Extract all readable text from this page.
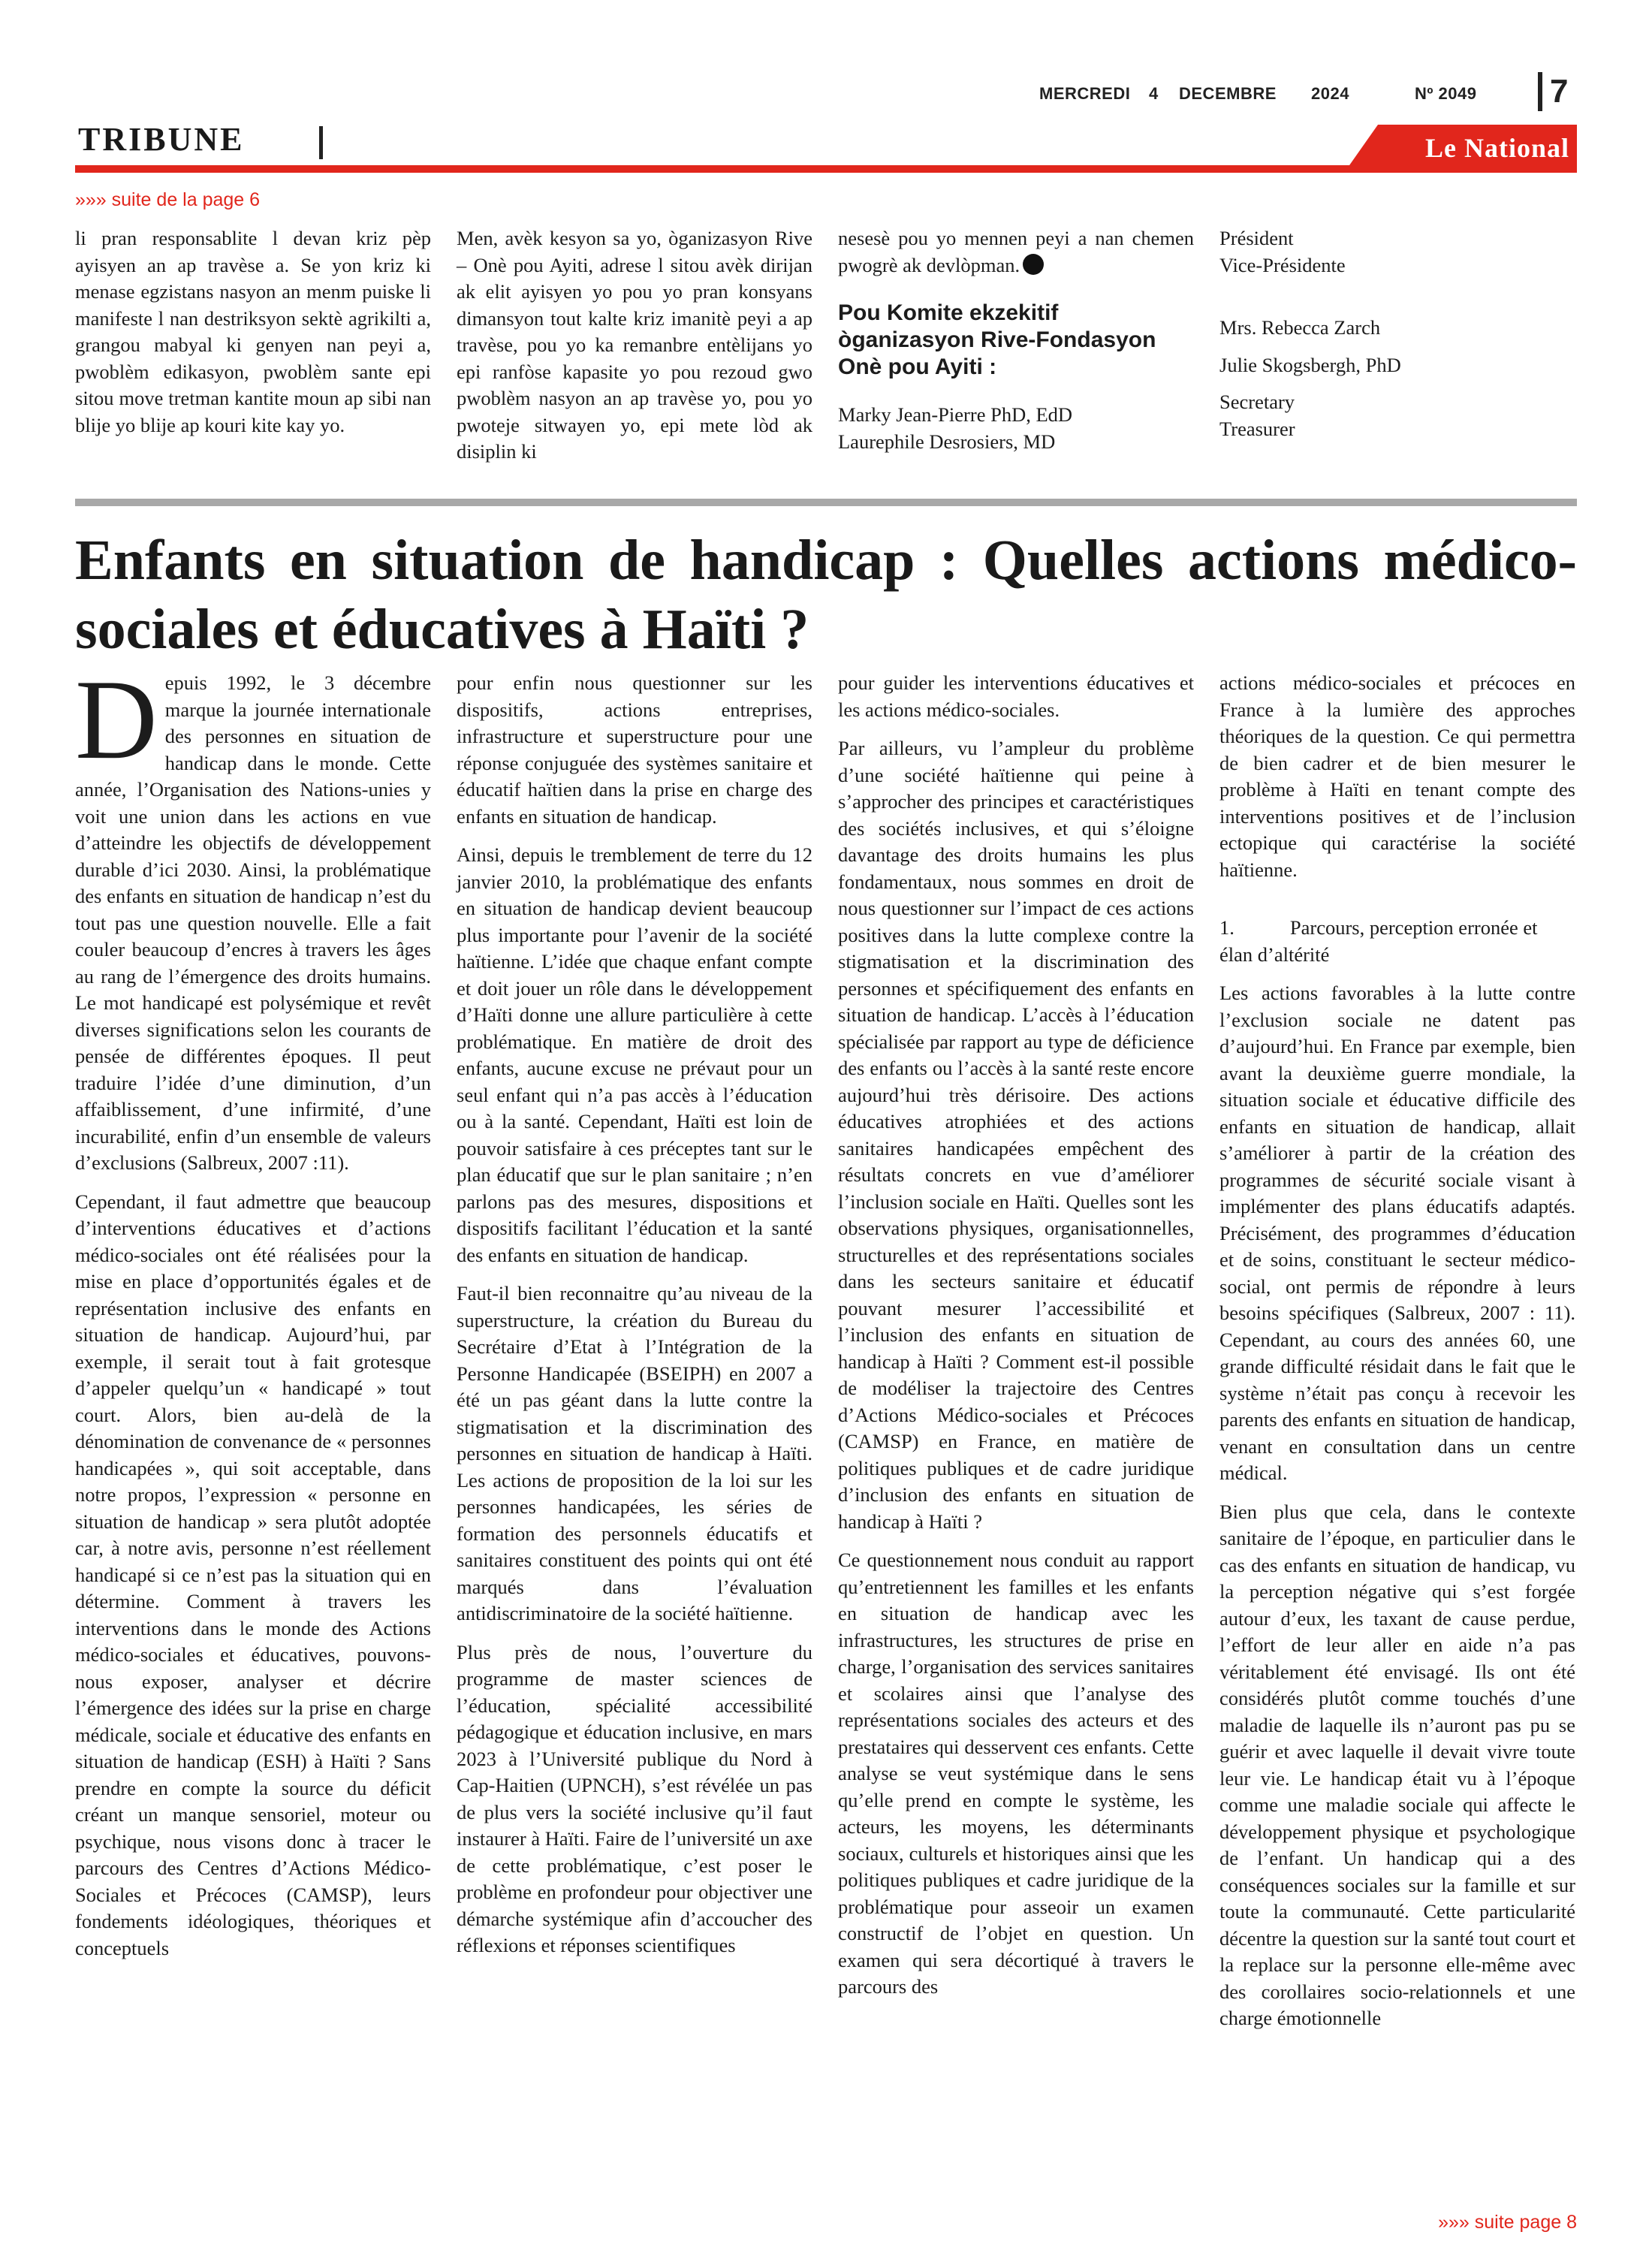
MERCREDI 4 DECEMBRE 2024	Nº 2049 7
TRIBUNE	Le National
»»» suite de la page 6

li pran responsablite l devan kriz pèp ayisyen an ap travèse a. Se yon kriz ki menase egzistans nasyon an menm puiske li manifeste l nan destriksyon sektè agrikilti a, grangou mabyal ki genyen nan peyi a, pwoblèm edikasyon, pwoblèm sante epi sitou move tretman kantite moun ap sibi nan blije yo blije ap kouri kite kay yo.

Men, avèk kesyon sa yo, òganizasyon Rive – Onè pou Ayiti, adrese l sitou avèk dirijan ak elit ayisyen yo pou yo pran konsyans dimansyon tout kalte kriz imanitè peyi a ap travèse, pou yo ka remanbre entèlijans yo epi ranfòse kapasite yo pou rezoud gwo pwoblèm nasyon an ap travèse yo, pou yo pwoteje sitwayen yo, epi mete lòd ak disiplin ki

nesesè pou yo mennen peyi a nan chemen pwogrè ak devlòpman.

Pou Komite ekzekitif òganizasyon Rive-Fondasyon Onè pou Ayiti :

Marky Jean-Pierre PhD, EdD

Laurephile Desrosiers, MD

Président

Vice-Présidente

Mrs. Rebecca Zarch

Julie Skogsbergh, PhD

Secretary

Treasurer

Enfants en situation de handicap : Quelles actions médico-sociales et éducatives à Haïti ?

Depuis 1992, le 3 décembre marque la journée internationale des personnes en situation de handicap dans le monde. Cette année, l’Organisation des Nations-unies y voit une union dans les actions en vue d’atteindre les objectifs de développement durable d’ici 2030. Ainsi, la problématique des enfants en situation de handicap n’est du tout pas une question nouvelle. Elle a fait couler beaucoup d’encres à travers les âges au rang de l’émergence des droits humains. Le mot handicapé est polysémique et revêt diverses significations selon les courants de pensée de différentes époques. Il peut traduire l’idée d’une diminution, d’un affaiblissement, d’une infirmité, d’une incurabilité, enfin d’un ensemble de valeurs d’exclusions (Salbreux, 2007 :11).

Cependant, il faut admettre que beaucoup d’interventions éducatives et d’actions médico-sociales ont été réalisées pour la mise en place d’opportunités égales et de représentation inclusive des enfants en situation de handicap. Aujourd’hui, par exemple, il serait tout à fait grotesque d’appeler quelqu’un « handicapé » tout court. Alors, bien au-delà de la dénomination de convenance de « personnes handicapées », qui soit acceptable, dans notre propos, l’expression « personne en situation de handicap » sera plutôt adoptée car, à notre avis, personne n’est réellement handicapé si ce n’est pas la situation qui en détermine. Comment à travers les interventions dans le monde des Actions médico-sociales et éducatives, pouvons-nous exposer, analyser et décrire l’émergence des idées sur la prise en charge médicale, sociale et éducative des enfants en situation de handicap (ESH) à Haïti ? Sans prendre en compte la source du déficit créant un manque sensoriel, moteur ou psychique, nous visons donc à tracer le parcours des Centres d’Actions Médico-Sociales et Précoces (CAMSP), leurs fondements idéologiques, théoriques et conceptuels

pour enfin nous questionner sur les dispositifs, actions entreprises, infrastructure et superstructure pour une réponse conjuguée des systèmes sanitaire et éducatif haïtien dans la prise en charge des enfants en situation de handicap.

Ainsi, depuis le tremblement de terre du 12 janvier 2010, la problématique des enfants en situation de handicap devient beaucoup plus importante pour l’avenir de la société haïtienne. L’idée que chaque enfant compte et doit jouer un rôle dans le développement d’Haïti donne une allure particulière à cette problématique. En matière de droit des enfants, aucune excuse ne prévaut pour un seul enfant qui n’a pas accès à l’éducation ou à la santé. Cependant, Haïti est loin de pouvoir satisfaire à ces préceptes tant sur le plan éducatif que sur le plan sanitaire ; n’en parlons pas des mesures, dispositions et dispositifs facilitant l’éducation et la santé des enfants en situation de handicap.

Faut-il bien reconnaitre qu’au niveau de la superstructure, la création du Bureau du Secrétaire d’Etat à l’Intégration de la Personne Handicapée (BSEIPH) en 2007 a été un pas géant dans la lutte contre la stigmatisation et la discrimination des personnes en situation de handicap à Haïti. Les actions de proposition de la loi sur les personnes handicapées, les séries de formation des personnels éducatifs et sanitaires constituent des points qui ont été marqués dans l’évaluation antidiscriminatoire de la société haïtienne.

Plus près de nous, l’ouverture du programme de master sciences de l’éducation, spécialité accessibilité pédagogique et éducation inclusive, en mars 2023 à l’Université publique du Nord à Cap-Haitien (UPNCH), s’est révélée un pas de plus vers la société inclusive qu’il faut instaurer à Haïti. Faire de l’université un axe de cette problématique, c’est poser le problème en profondeur pour objectiver une démarche systémique afin d’accoucher des réflexions et réponses scientifiques

pour guider les interventions éducatives et les actions médico-sociales.

Par ailleurs, vu l’ampleur du problème d’une société haïtienne qui peine à s’approcher des principes et caractéristiques des sociétés inclusives, et qui s’éloigne davantage des droits humains les plus fondamentaux, nous sommes en droit de nous questionner sur l’impact de ces actions positives dans la lutte complexe contre la stigmatisation et la discrimination des personnes et spécifiquement des enfants en situation de handicap. L’accès à l’éducation spécialisée par rapport au type de déficience des enfants ou l’accès à la santé reste encore aujourd’hui très dérisoire. Des actions éducatives atrophiées et des actions sanitaires handicapées empêchent des résultats concrets en vue d’améliorer l’inclusion sociale en Haïti. Quelles sont les observations physiques, organisationnelles, structurelles et des représentations sociales dans les secteurs sanitaire et éducatif pouvant mesurer l’accessibilité et l’inclusion des enfants en situation de handicap à Haïti ? Comment est-il possible de modéliser la trajectoire des Centres d’Actions Médico-sociales et Précoces (CAMSP) en France, en matière de politiques publiques et de cadre juridique d’inclusion des enfants en situation de handicap à Haïti ?

Ce questionnement nous conduit au rapport qu’entretiennent les familles et les enfants en situation de handicap avec les infrastructures, les structures de prise en charge, l’organisation des services sanitaires et scolaires ainsi que l’analyse des représentations sociales des acteurs et des prestataires qui desservent ces enfants. Cette analyse se veut systémique dans le sens qu’elle prend en compte le système, les acteurs, les moyens, les déterminants sociaux, culturels et historiques ainsi que les politiques publiques et cadre juridique de la problématique pour asseoir un examen constructif de l’objet en question. Un examen qui sera décortiqué à travers le parcours des

actions médico-sociales et précoces en France à la lumière des approches théoriques de la question. Ce qui permettra de bien cadrer et de bien mesurer le problème à Haïti en tenant compte des interventions positives et de l’inclusion ectopique qui caractérise la société haïtienne.

1.	Parcours, perception erronée et élan d’altérité

Les actions favorables à la lutte contre l’exclusion sociale ne datent pas d’aujourd’hui. En France par exemple, bien avant la deuxième guerre mondiale, la situation sociale et éducative difficile des enfants en situation de handicap, allait s’améliorer à partir de la création des programmes de sécurité sociale visant à implémenter des plans éducatifs adaptés. Précisément, des programmes d’éducation et de soins, constituant le secteur médico-social, ont permis de répondre à leurs besoins spécifiques (Salbreux, 2007 : 11). Cependant, au cours des années 60, une grande difficulté résidait dans le fait que le système n’était pas conçu à recevoir les parents des enfants en situation de handicap, venant en consultation dans un centre médical.

Bien plus que cela, dans le contexte sanitaire de l’époque, en particulier dans le cas des enfants en situation de handicap, vu la perception négative qui s’est forgée autour d’eux, les taxant de cause perdue, l’effort de leur aller en aide n’a pas véritablement été envisagé. Ils ont été considérés plutôt comme touchés d’une maladie de laquelle ils n’auront pas pu se guérir et avec laquelle il devait vivre toute leur vie. Le handicap était vu à l’époque comme une maladie sociale qui affecte le développement physique et psychologique de l’enfant. Un handicap qui a des conséquences sociales sur la famille et sur toute la communauté. Cette particularité décentre la question sur la santé tout court et la replace sur la personne elle-même avec des corollaires socio-relationnels et une charge émotionnelle

»»» suite page 8
